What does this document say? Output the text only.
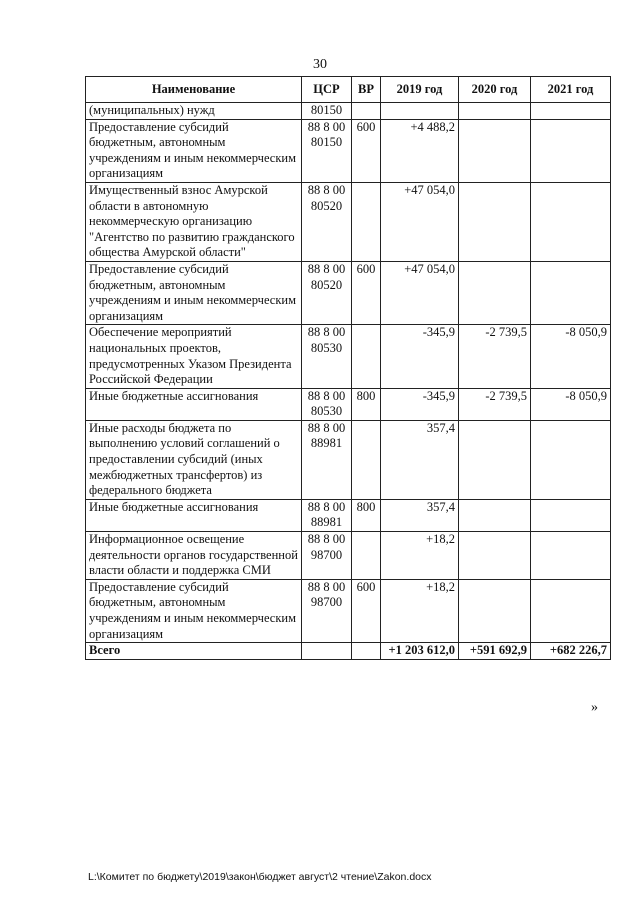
30
Наименование	ЦСР	ВР	2019 год	2020 год	2021 год
(муниципальных) нужд	80150				
Предоставление субсидий бюджетным, автономным учреждениям и иным некоммерческим организациям	88 8 00 80150	600	+4 488,2		
Имущественный взнос Амурской области в автономную некоммерческую организацию "Агентство по развитию гражданского общества Амурской области"	88 8 00 80520		+47 054,0		
Предоставление субсидий бюджетным, автономным учреждениям и иным некоммерческим организациям	88 8 00 80520	600	+47 054,0		
Обеспечение мероприятий национальных проектов, предусмотренных Указом Президента Российской Федерации	88 8 00 80530		-345,9	-2 739,5	-8 050,9
Иные бюджетные ассигнования	88 8 00 80530	800	-345,9	-2 739,5	-8 050,9
Иные расходы бюджета по выполнению условий соглашений о предоставлении субсидий (иных межбюджетных трансфертов) из федерального бюджета	88 8 00 88981		357,4		
Иные бюджетные ассигнования	88 8 00 88981	800	357,4		
Информационное освещение деятельности органов государственной власти области и поддержка СМИ	88 8 00 98700		+18,2		
Предоставление субсидий бюджетным, автономным учреждениям и иным некоммерческим организациям	88 8 00 98700	600	+18,2		
Всего			+1 203 612,0	+591 692,9	+682 226,7
»
L:\Комитет по бюджету\2019\закон\бюджет август\2 чтение\Zakon.docx
